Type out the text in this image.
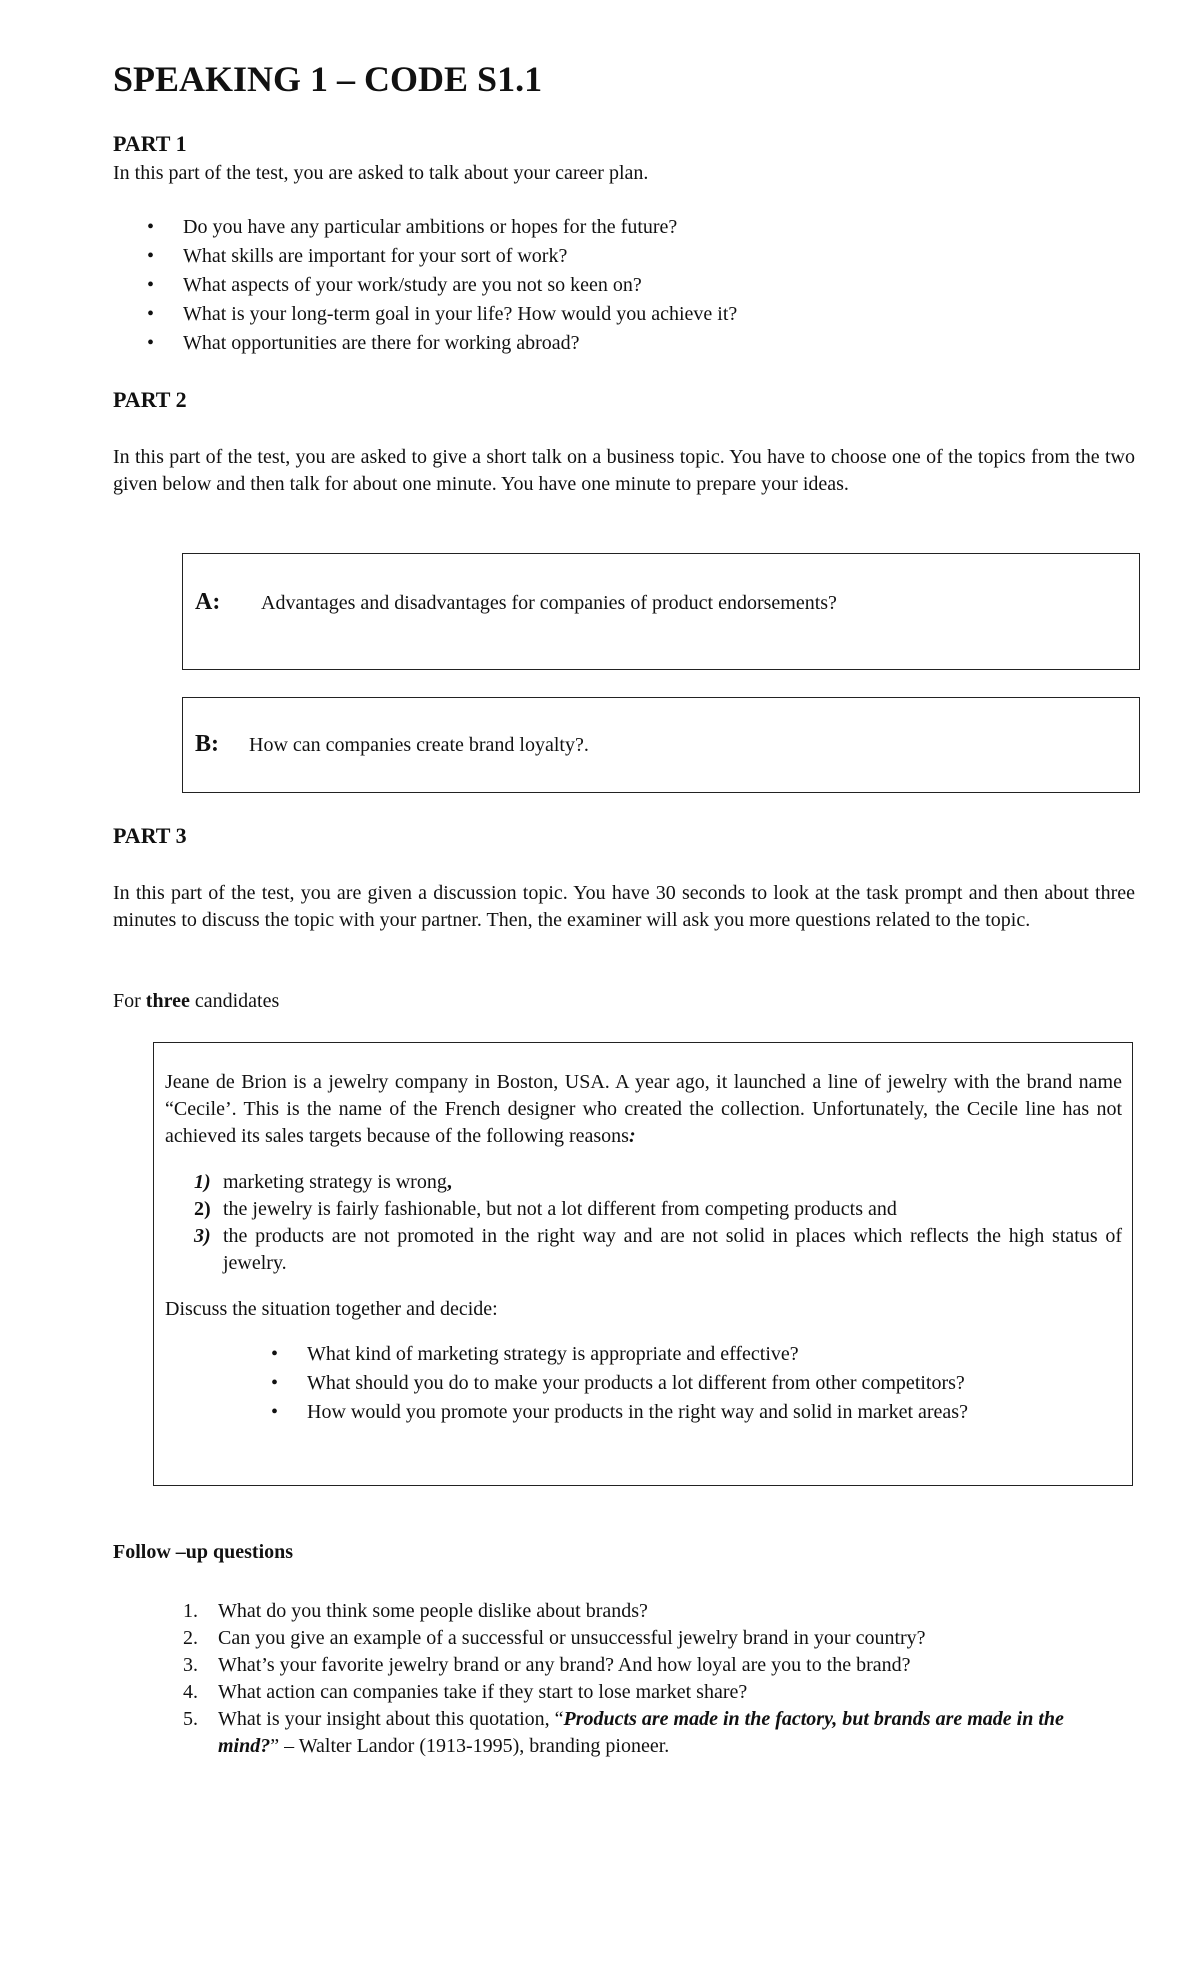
SPEAKING 1 – CODE S1.1
PART 1

In this part of the test, you are asked to talk about your career plan.

• Do you have any particular ambitions or hopes for the future?
• What skills are important for your sort of work?
• What aspects of your work/study are you not so keen on?
• What is your long-term goal in your life? How would you achieve it?
• What opportunities are there for working abroad?
PART 2

In this part of the test, you are asked to give a short talk on a business topic. You have to choose one of the topics from the two given below and then talk for about one minute. You have one minute to prepare your ideas.

A: Advantages and disadvantages for companies of product endorsements?
B: How can companies create brand loyalty?.
PART 3

In this part of the test, you are given a discussion topic. You have 30 seconds to look at the task prompt and then about three minutes to discuss the topic with your partner. Then, the examiner will ask you more questions related to the topic.

For three candidates

Jeane de Brion is a jewelry company in Boston, USA. A year ago, it launched a line of jewelry with the brand name “Cecile’. This is the name of the French designer who created the collection. Unfortunately, the Cecile line has not achieved its sales targets because of the following reasons:

1) marketing strategy is wrong,
2) the jewelry is fairly fashionable, but not a lot different from competing products and
3) the products are not promoted in the right way and are not solid in places which reflects the high status of jewelry.

Discuss the situation together and decide:

• What kind of marketing strategy is appropriate and effective?
• What should you do to make your products a lot different from other competitors?
• How would you promote your products in the right way and solid in market areas?
Follow –up questions
1. What do you think some people dislike about brands?
2. Can you give an example of a successful or unsuccessful jewelry brand in your country?
3. What’s your favorite jewelry brand or any brand? And how loyal are you to the brand?
4. What action can companies take if they start to lose market share?
5. What is your insight about this quotation, “Products are made in the factory, but brands are made in the mind?” – Walter Landor (1913-1995), branding pioneer.
